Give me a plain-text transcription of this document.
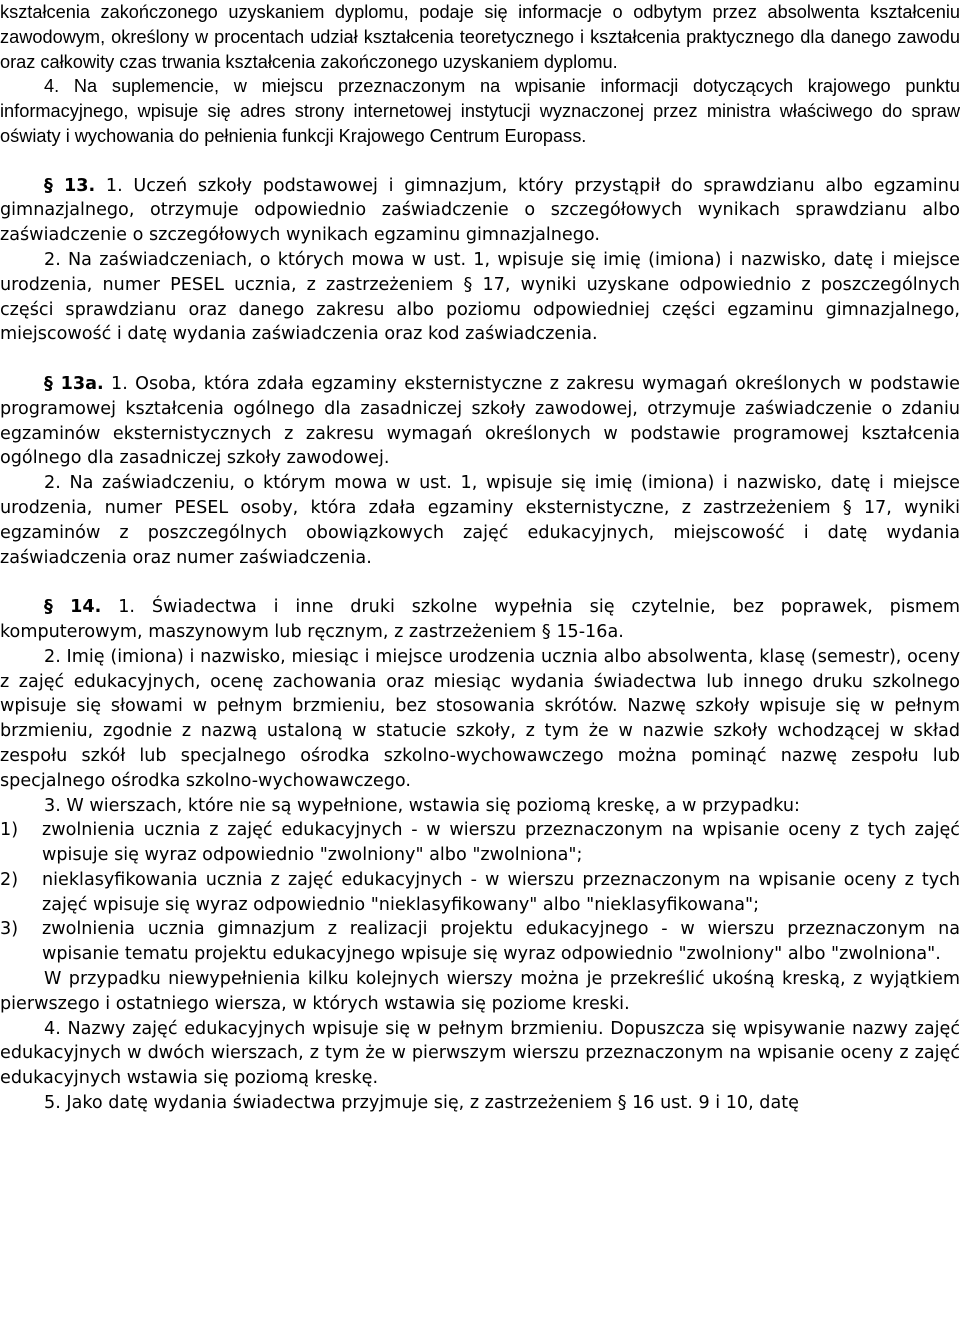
kształcenia zakończonego uzyskaniem dyplomu, podaje się informacje o odbytym przez absolwenta kształceniu zawodowym, określony w procentach udział kształcenia teoretycznego i kształcenia praktycznego dla danego zawodu oraz całkowity czas trwania kształcenia zakończonego uzyskaniem dyplomu.

4. Na suplemencie, w miejscu przeznaczonym na wpisanie informacji dotyczących krajowego punktu informacyjnego, wpisuje się adres strony internetowej instytucji wyznaczonej przez ministra właściwego do spraw oświaty i wychowania do pełnienia funkcji Krajowego Centrum Europass.

§ 13. 1. Uczeń szkoły podstawowej i gimnazjum, który przystąpił do sprawdzianu albo egzaminu gimnazjalnego, otrzymuje odpowiednio zaświadczenie o szczegółowych wynikach sprawdzianu albo zaświadczenie o szczegółowych wynikach egzaminu gimnazjalnego.

2. Na zaświadczeniach, o których mowa w ust. 1, wpisuje się imię (imiona) i nazwisko, datę i miejsce urodzenia, numer PESEL ucznia, z zastrzeżeniem § 17, wyniki uzyskane odpowiednio z poszczególnych części sprawdzianu oraz danego zakresu albo poziomu odpowiedniej części egzaminu gimnazjalnego, miejscowość i datę wydania zaświadczenia oraz kod zaświadczenia.

§ 13a. 1. Osoba, która zdała egzaminy eksternistyczne z zakresu wymagań określonych w podstawie programowej kształcenia ogólnego dla zasadniczej szkoły zawodowej, otrzymuje zaświadczenie o zdaniu egzaminów eksternistycznych z zakresu wymagań określonych w podstawie programowej kształcenia ogólnego dla zasadniczej szkoły zawodowej.

2. Na zaświadczeniu, o którym mowa w ust. 1, wpisuje się imię (imiona) i nazwisko, datę i miejsce urodzenia, numer PESEL osoby, która zdała egzaminy eksternistyczne, z zastrzeżeniem § 17, wyniki egzaminów z poszczególnych obowiązkowych zajęć edukacyjnych, miejscowość i datę wydania zaświadczenia oraz numer zaświadczenia.

§ 14. 1. Świadectwa i inne druki szkolne wypełnia się czytelnie, bez poprawek, pismem komputerowym, maszynowym lub ręcznym, z zastrzeżeniem § 15-16a.

2. Imię (imiona) i nazwisko, miesiąc i miejsce urodzenia ucznia albo absolwenta, klasę (semestr), oceny z zajęć edukacyjnych, ocenę zachowania oraz miesiąc wydania świadectwa lub innego druku szkolnego wpisuje się słowami w pełnym brzmieniu, bez stosowania skrótów. Nazwę szkoły wpisuje się w pełnym brzmieniu, zgodnie z nazwą ustaloną w statucie szkoły, z tym że w nazwie szkoły wchodzącej w skład zespołu szkół lub specjalnego ośrodka szkolno-wychowawczego można pominąć nazwę zespołu lub specjalnego ośrodka szkolno-wychowawczego.

3. W wierszach, które nie są wypełnione, wstawia się poziomą kreskę, a w przypadku:

1) zwolnienia ucznia z zajęć edukacyjnych - w wierszu przeznaczonym na wpisanie oceny z tych zajęć wpisuje się wyraz odpowiednio "zwolniony" albo "zwolniona";
2) nieklasyfikowania ucznia z zajęć edukacyjnych - w wierszu przeznaczonym na wpisanie oceny z tych zajęć wpisuje się wyraz odpowiednio "nieklasyfikowany" albo "nieklasyfikowana";
3) zwolnienia ucznia gimnazjum z realizacji projektu edukacyjnego - w wierszu przeznaczonym na wpisanie tematu projektu edukacyjnego wpisuje się wyraz odpowiednio "zwolniony" albo "zwolniona".

W przypadku niewypełnienia kilku kolejnych wierszy można je przekreślić ukośną kreską, z wyjątkiem pierwszego i ostatniego wiersza, w których wstawia się poziome kreski.

4. Nazwy zajęć edukacyjnych wpisuje się w pełnym brzmieniu. Dopuszcza się wpisywanie nazwy zajęć edukacyjnych w dwóch wierszach, z tym że w pierwszym wierszu przeznaczonym na wpisanie oceny z zajęć edukacyjnych wstawia się poziomą kreskę.

5. Jako datę wydania świadectwa przyjmuje się, z zastrzeżeniem § 16 ust. 9 i 10, datę
